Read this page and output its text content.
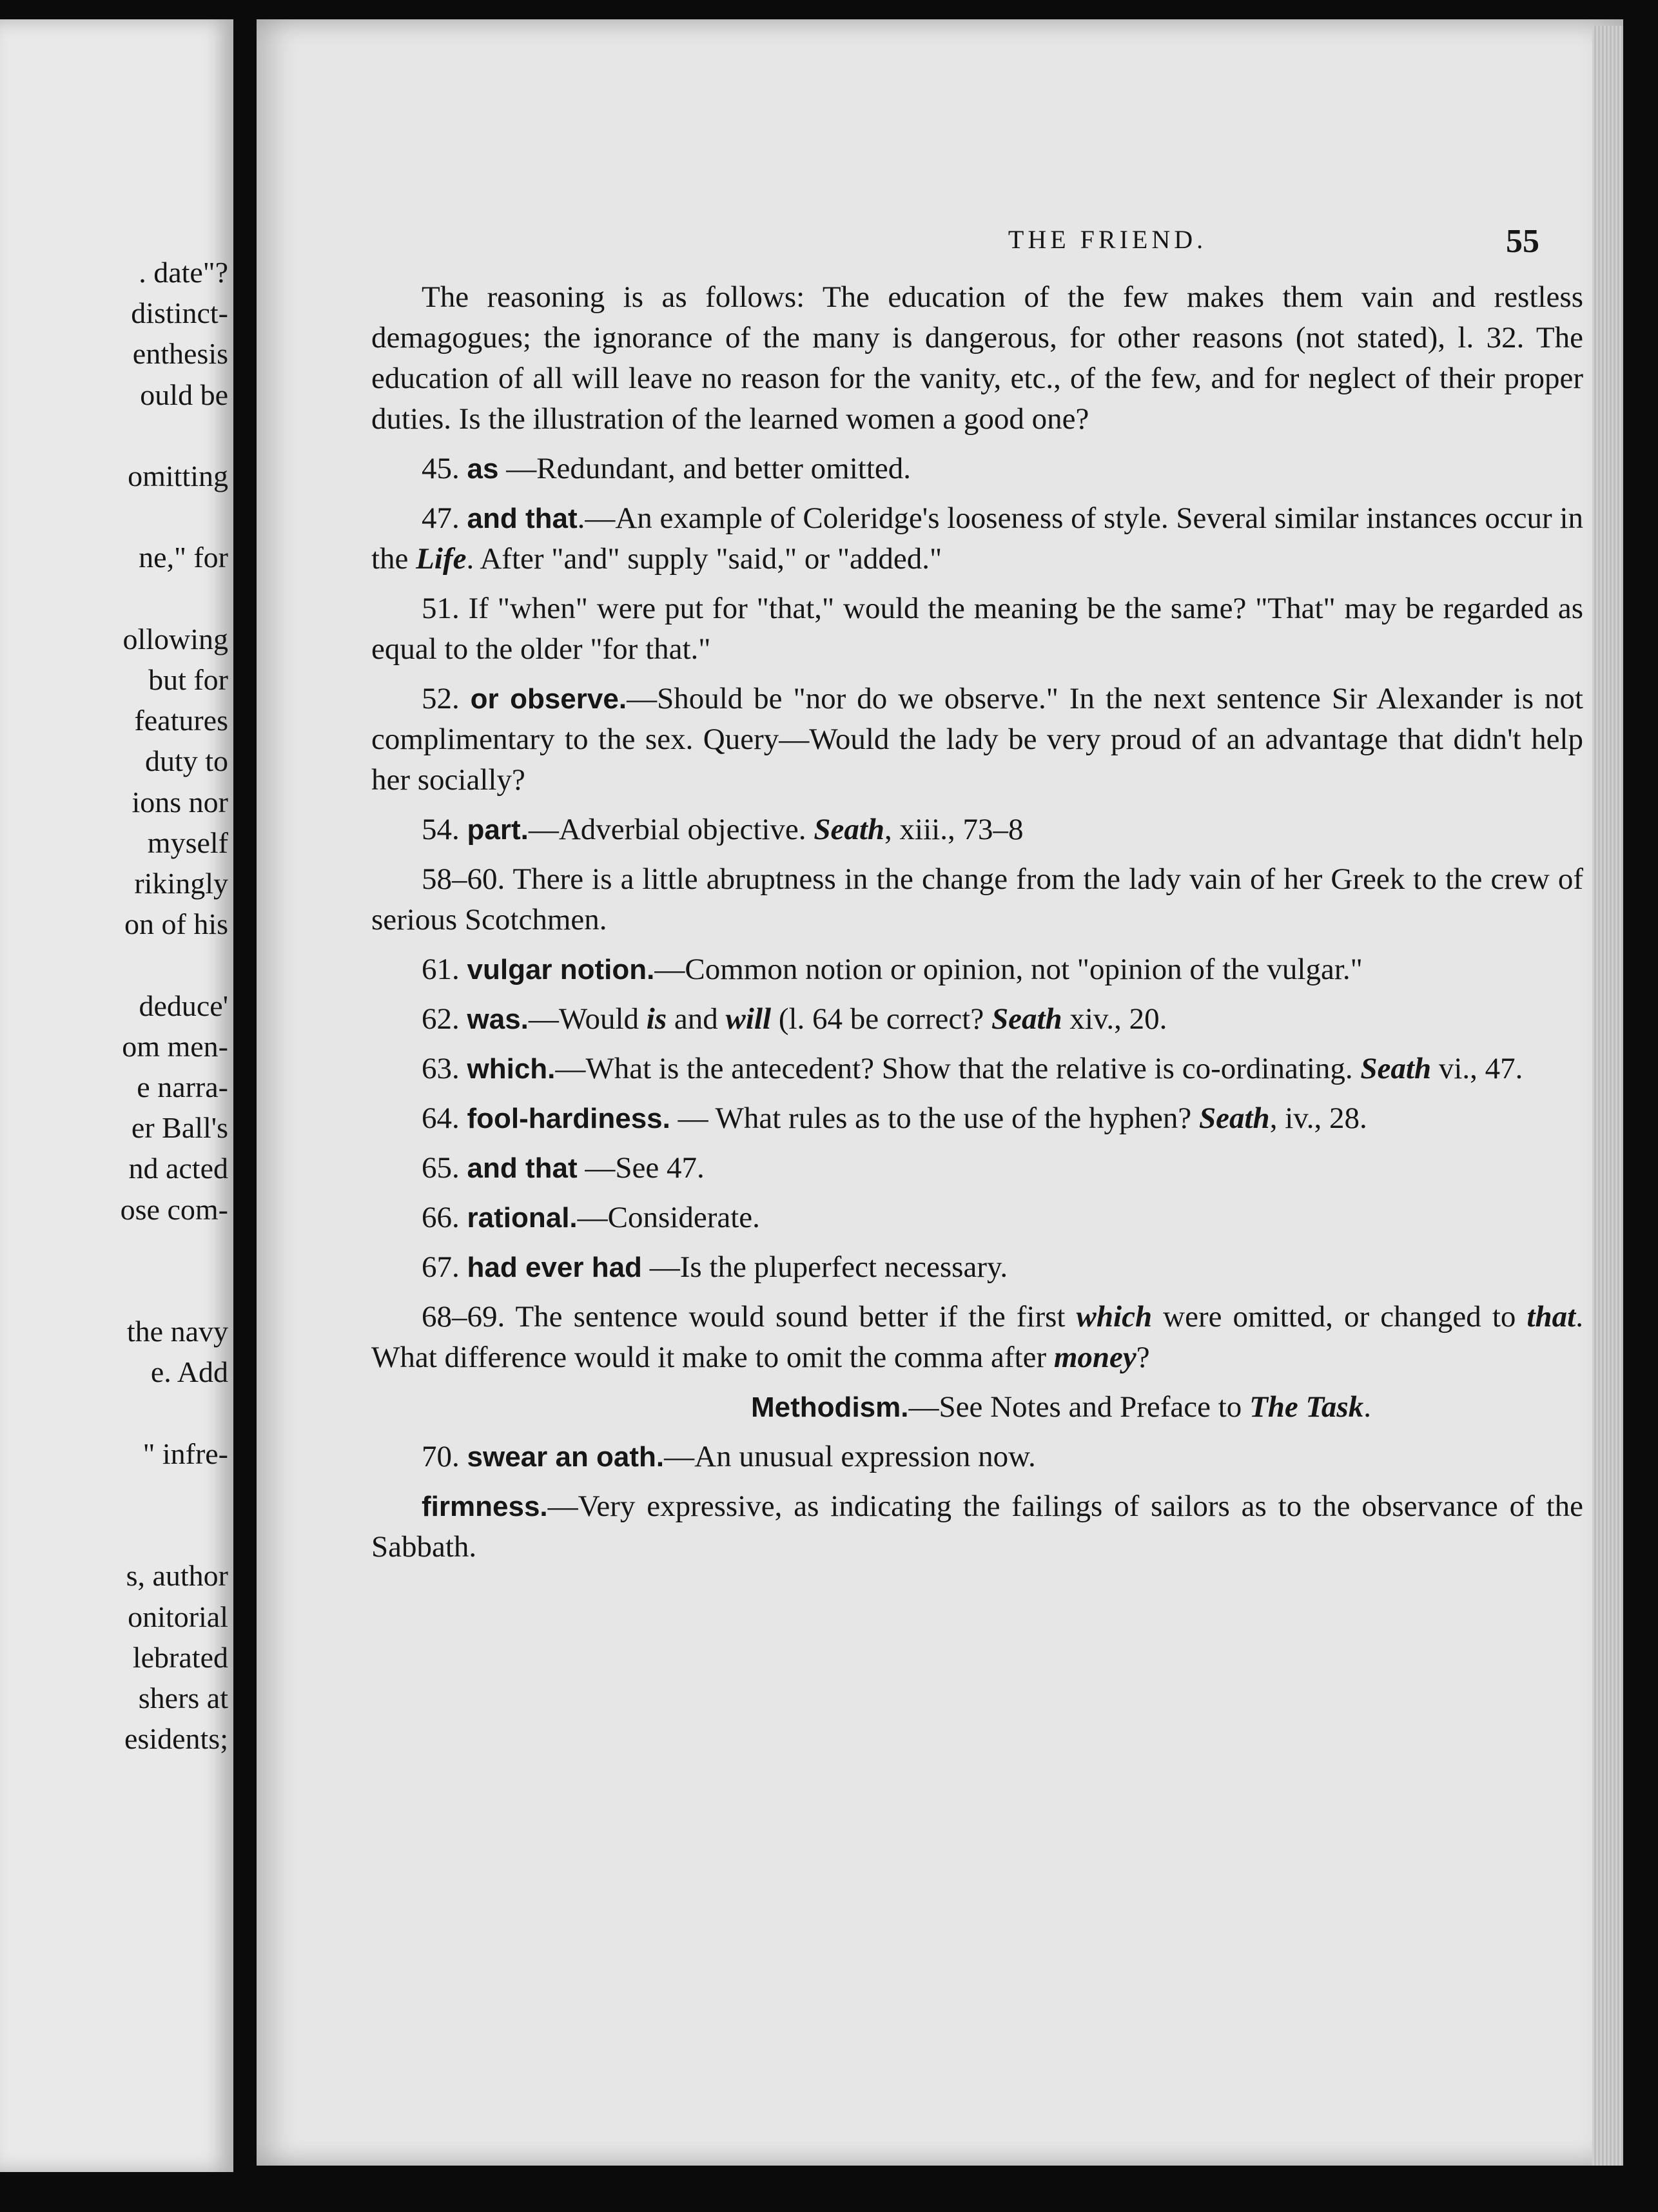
. date"?
distinct-
enthesis
ould be
omitting
ne," for
ollowing
but for
features
duty to
ions nor
myself
rikingly
on of his
deduce'
om men-
e narra-
er Ball's
nd acted
ose com-
the navy
e. Add
" infre-
s, author
onitorial
lebrated
shers at
esidents;
THE FRIEND.	55

The reasoning is as follows: The education of the few makes them vain and restless demagogues; the ignorance of the many is dangerous, for other reasons (not stated), l. 32. The education of all will leave no reason for the vanity, etc., of the few, and for neglect of their proper duties. Is the illustration of the learned women a good one?

45. as —Redundant, and better omitted.

47. and that.—An example of Coleridge's looseness of style. Several similar instances occur in the Life. After "and" supply "said," or "added."

51. If "when" were put for "that," would the meaning be the same? "That" may be regarded as equal to the older "for that."

52. or observe.—Should be "nor do we observe." In the next sentence Sir Alexander is not complimentary to the sex. Query—Would the lady be very proud of an advantage that didn't help her socially?

54. part.—Adverbial objective. Seath, xiii., 73–8

58–60. There is a little abruptness in the change from the lady vain of her Greek to the crew of serious Scotchmen.

61. vulgar notion.—Common notion or opinion, not "opinion of the vulgar."

62. was.—Would is and will (l. 64 be correct? Seath xiv., 20.

63. which.—What is the antecedent? Show that the relative is co-ordinating. Seath vi., 47.

64. fool-hardiness. — What rules as to the use of the hyphen? Seath, iv., 28.

65. and that —See 47.

66. rational.—Considerate.

67. had ever had —Is the pluperfect necessary.

68–69. The sentence would sound better if the first which were omitted, or changed to that. What difference would it make to omit the comma after money?

Methodism.—See Notes and Preface to The Task.

70. swear an oath.—An unusual expression now.

firmness.—Very expressive, as indicating the failings of sailors as to the observance of the Sabbath.
